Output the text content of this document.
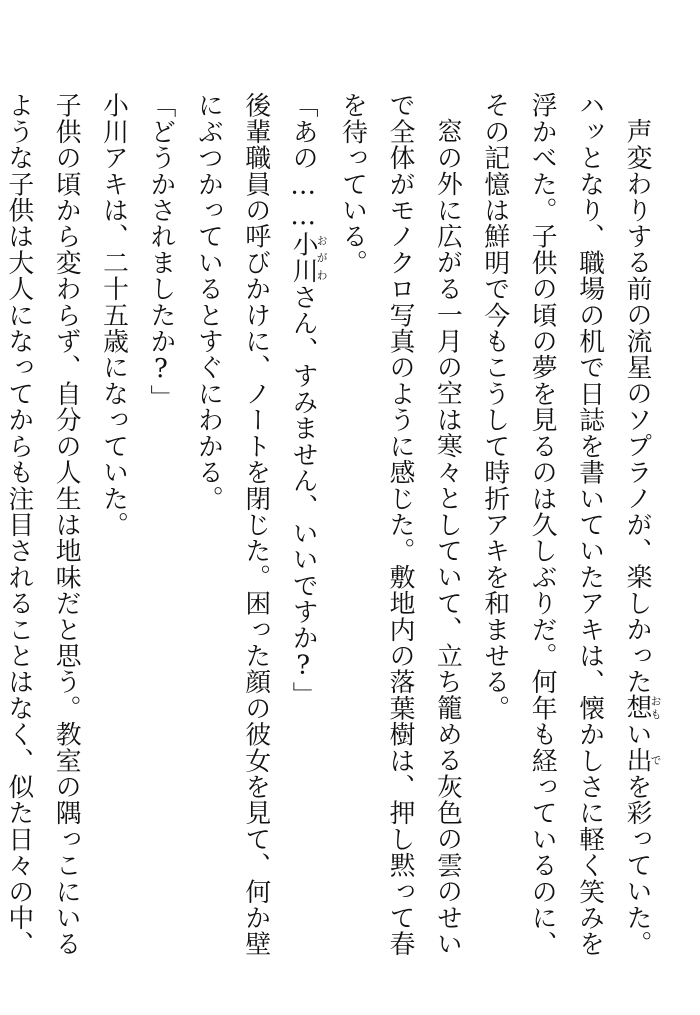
声変わりする前の流星のソプラノが、楽しかった想おもい出でを彩っていた。

ハッとなり、職場の机で日誌を書いていたアキは、懐かしさに軽く笑みを浮かべた。子供の頃の夢を見るのは久しぶりだ。何年も経っているのに、その記憶は鮮明で今もこうして時折アキを和ませる。

窓の外に広がる一月の空は寒々としていて、立ち籠める灰色の雲のせいで全体がモノクロ写真のように感じた。敷地内の落葉樹は、押し黙って春を待っている。

「あの……小川おがわさん、すみません、いいですか?」

後輩職員の呼びかけに、ノートを閉じた。困った顔の彼女を見て、何か壁にぶつかっているとすぐにわかる。

「どうかされましたか?」

小川アキは、二十五歳になっていた。

子供の頃から変わらず、自分の人生は地味だと思う。教室の隅っこにいるような子供は大人になってからも注目されることはなく、似た日々の中、
